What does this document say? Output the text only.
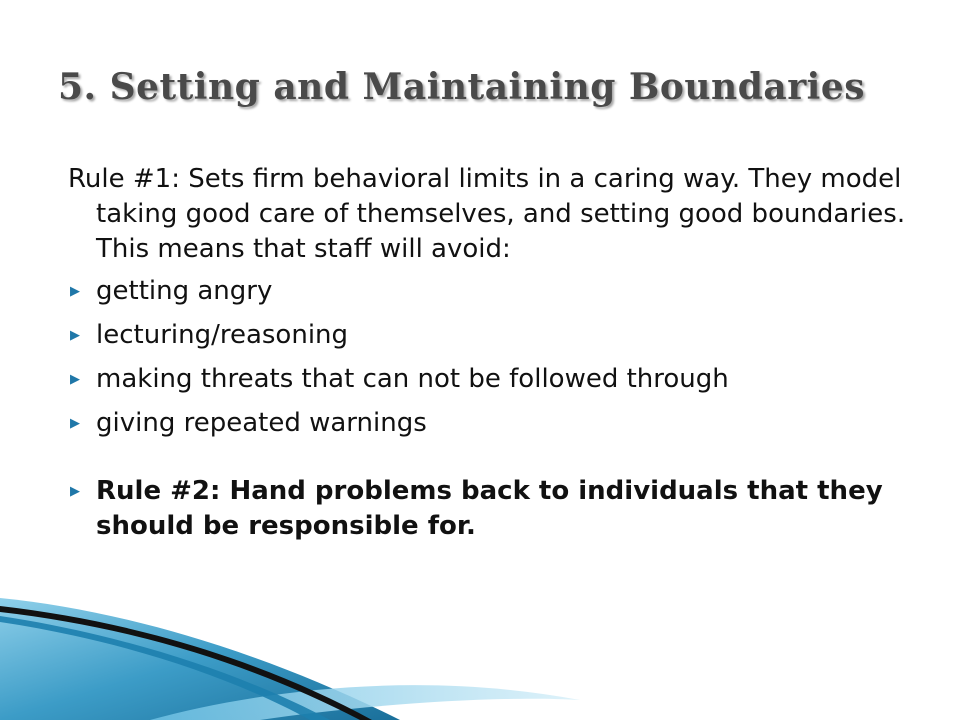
5. Setting and Maintaining Boundaries

Rule #1: Sets firm behavioral limits in a caring way. They model taking good care of themselves, and setting good boundaries. This means that staff will avoid:

▶ getting angry
▶ lecturing/reasoning
▶ making threats that can not be followed through
▶ giving repeated warnings
▶ Rule #2: Hand problems back to individuals that they should be responsible for.
